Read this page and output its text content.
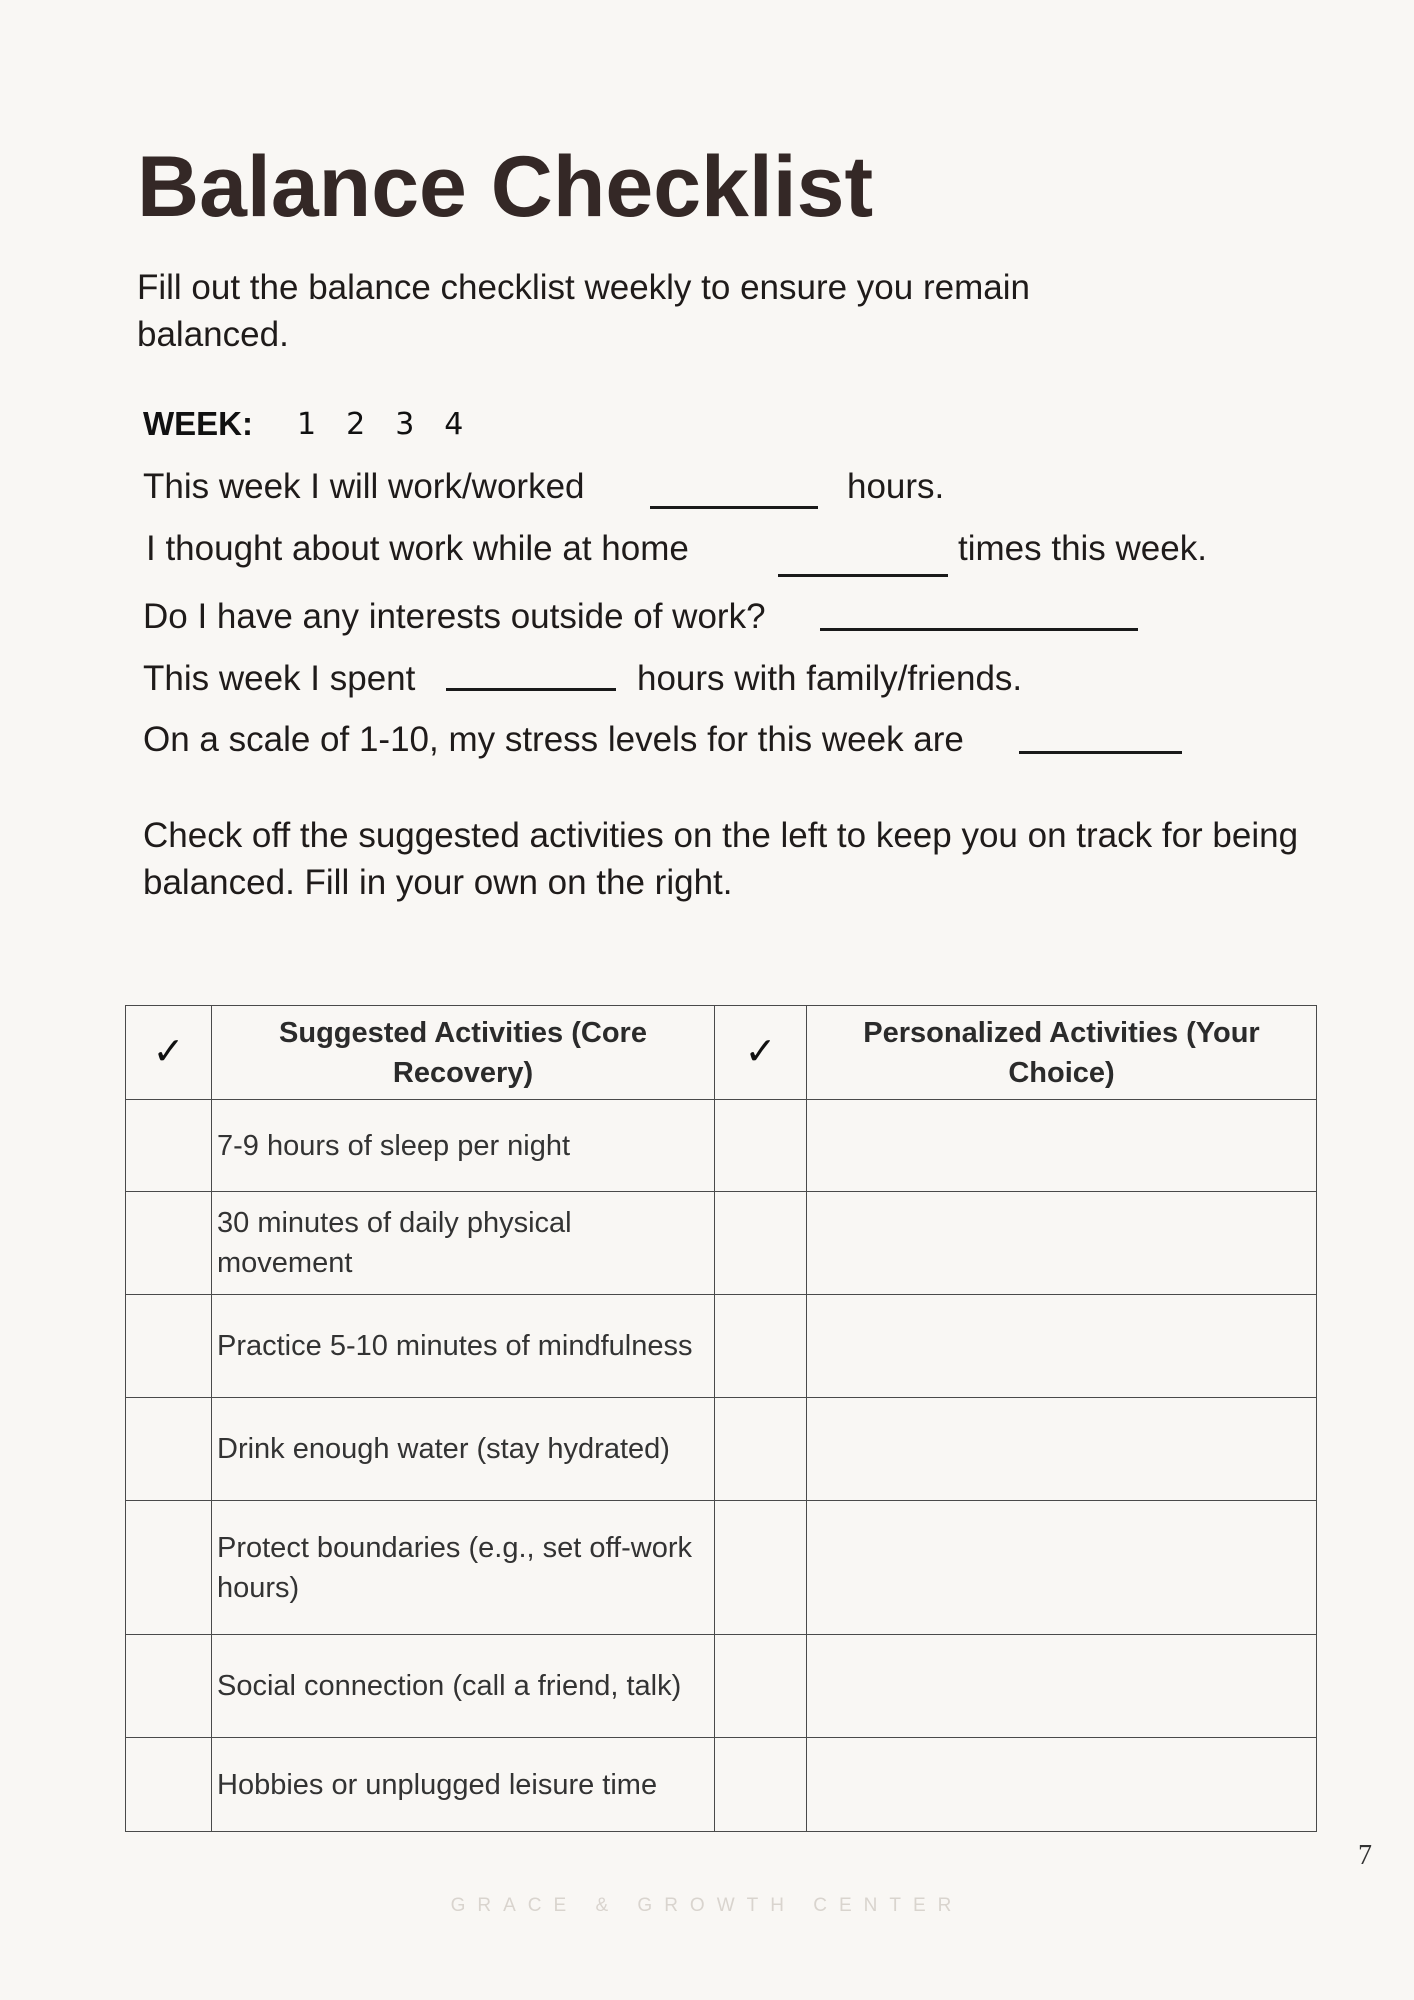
Balance Checklist
Fill out the balance checklist weekly to ensure you remain balanced.
WEEK: 1 2 3 4
This week I will work/worked	hours.
I thought about work while at home	times this week.
Do I have any interests outside of work?
This week I spent	hours with family/friends.
On a scale of 1-10, my stress levels for this week are
Check off the suggested activities on the left to keep you on track for being balanced. Fill in your own on the right.
✓	Suggested Activities (Core Recovery)	✓	Personalized Activities (Your Choice)
	7-9 hours of sleep per night		
	30 minutes of daily physical movement		
	Practice 5-10 minutes of mindfulness		
	Drink enough water (stay hydrated)		
	Protect boundaries (e.g., set off-work hours)		
	Social connection (call a friend, talk)		
	Hobbies or unplugged leisure time		
7
GRACE & GROWTH CENTER
